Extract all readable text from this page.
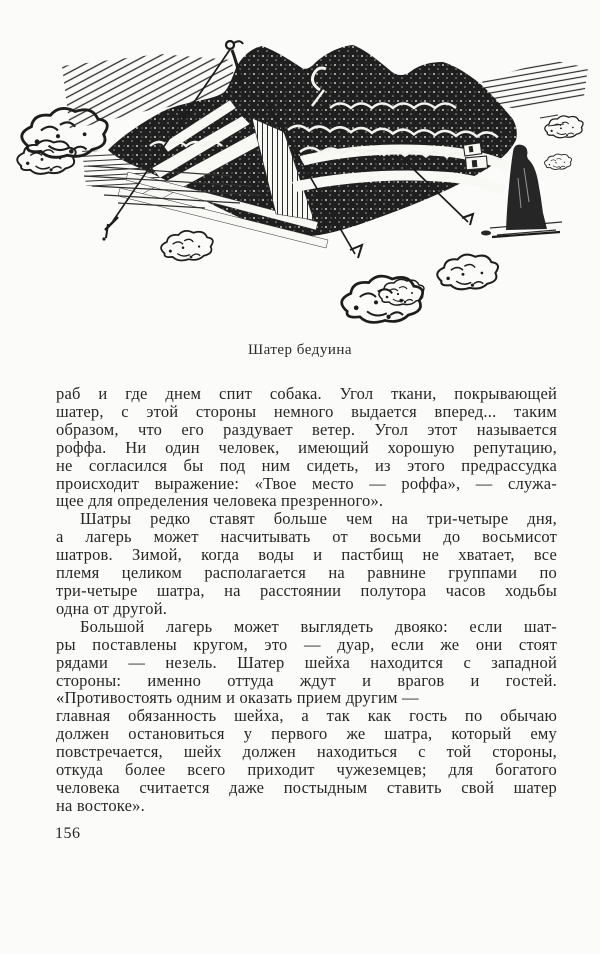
Шатер бедуина

раб и где днем спит собака. Угол ткани, покрывающей
шатер, с этой стороны немного выдается вперед... таким
образом, что его раздувает ветер. Угол этот называется
роффа. Ни один человек, имеющий хорошую репутацию,
не согласился бы под ним сидеть, из этого предрассудка
происходит выражение: «Твое место — роффа», — служа-
щее для определения человека презренного».

Шатры редко ставят больше чем на три-четыре дня,
а лагерь может насчитывать от восьми до восьмисот
шатров. Зимой, когда воды и пастбищ не хватает, все
племя целиком располагается на равнине группами по
три-четыре шатра, на расстоянии полутора часов ходьбы
одна от другой.

Большой лагерь может выглядеть двояко: если шат-
ры поставлены кругом, это — дуар, если же они стоят
рядами — незель. Шатер шейха находится с западной
стороны: именно оттуда ждут и врагов и гостей.
«Противостоять одним и оказать прием другим —

главная обязанность шейха, а так как гость по обычаю
должен остановиться у первого же шатра, который ему
повстречается, шейх должен находиться с той стороны,
откуда более всего приходит чужеземцев; для богатого
человека считается даже постыдным ставить свой шатер
на востоке».

156
